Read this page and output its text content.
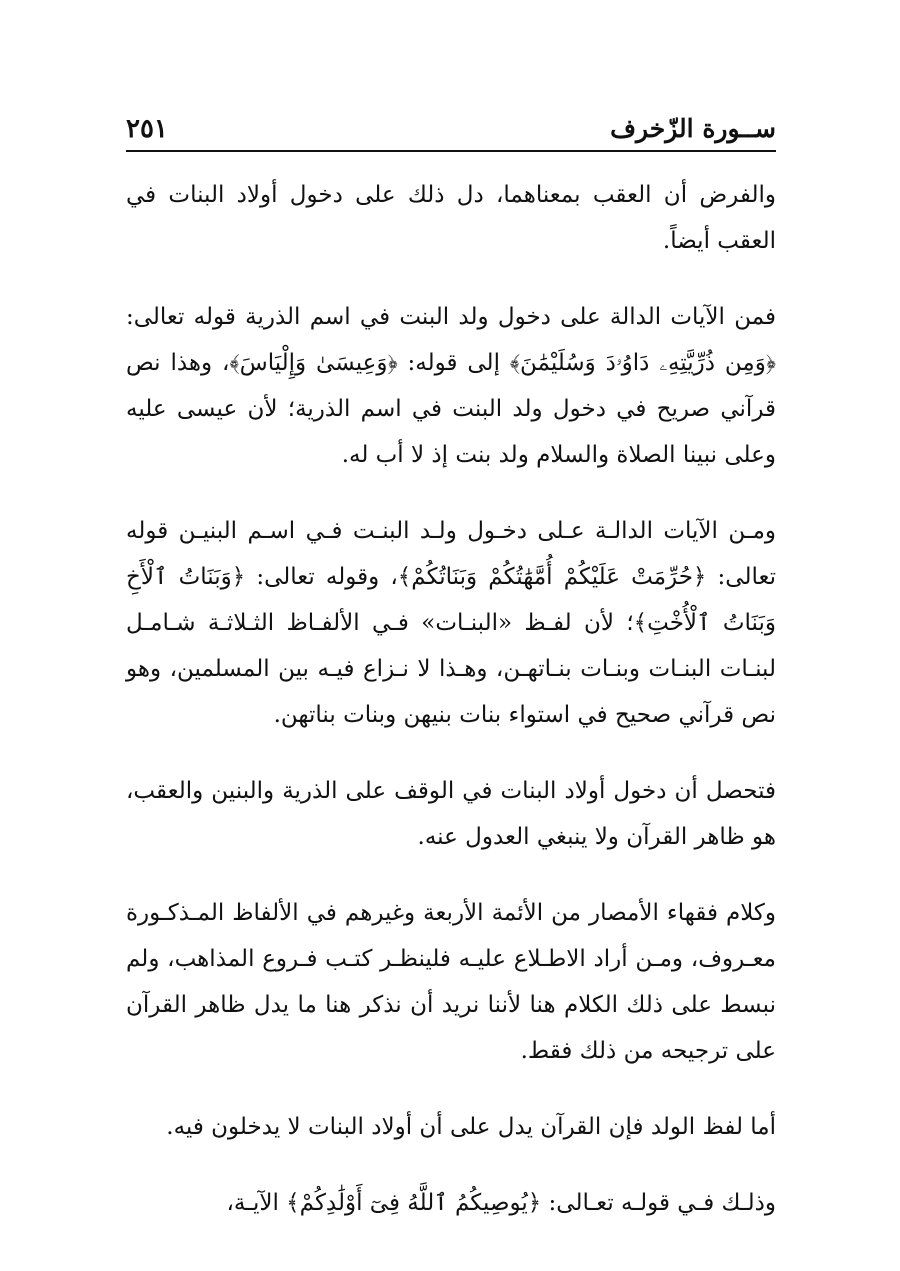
ســورة الزّخرف
٢٥١

والفرض أن العقب بمعناهما، دل ذلك على دخول أولاد البنات في العقب أيضاً.

فمن الآيات الدالة على دخول ولد البنت في اسم الذرية قوله تعالى: ﴿وَمِن ذُرِّيَّتِهِۦ دَاوُۥدَ وَسُلَيْمَٰنَ﴾ إلى قوله: ﴿وَعِيسَىٰ وَإِلْيَاسَ﴾، وهذا نص قرآني صريح في دخول ولد البنت في اسم الذرية؛ لأن عيسى عليه وعلى نبينا الصلاة والسلام ولد بنت إذ لا أب له.

ومـن الآيات الدالـة عـلى دخـول ولـد البنـت فـي اسـم البنيـن قوله تعالى: ﴿حُرِّمَتْ عَلَيْكُمْ أُمَّهَٰتُكُمْ وَبَنَاتُكُمْ﴾، وقوله تعالى: ﴿وَبَنَاتُ ٱلْأَخِ وَبَنَاتُ ٱلْأُخْتِ﴾؛ لأن لفـظ «البنـات» فـي الألفـاظ الثـلاثـة شـامـل لبنـات البنـات وبنـات بنـاتهـن، وهـذا لا نـزاع فيـه بين المسلمين، وهو نص قرآني صحيح في استواء بنات بنيهن وبنات بناتهن.

فتحصل أن دخول أولاد البنات في الوقف على الذرية والبنين والعقب، هو ظاهر القرآن ولا ينبغي العدول عنه.

وكلام فقهاء الأمصار من الأئمة الأربعة وغيرهم في الألفاظ المـذكـورة معـروف، ومـن أراد الاطـلاع عليـه فلينظـر كتـب فـروع المذاهب، ولم نبسط على ذلك الكلام هنا لأننا نريد أن نذكر هنا ما يدل ظاهر القرآن على ترجيحه من ذلك فقط.

أما لفظ الولد فإن القرآن يدل على أن أولاد البنات لا يدخلون فيه.

وذلـك فـي قولـه تعـالى: ﴿يُوصِيكُمُ ٱللَّهُ فِىٓ أَوْلَٰدِكُمْ﴾ الآيـة،
